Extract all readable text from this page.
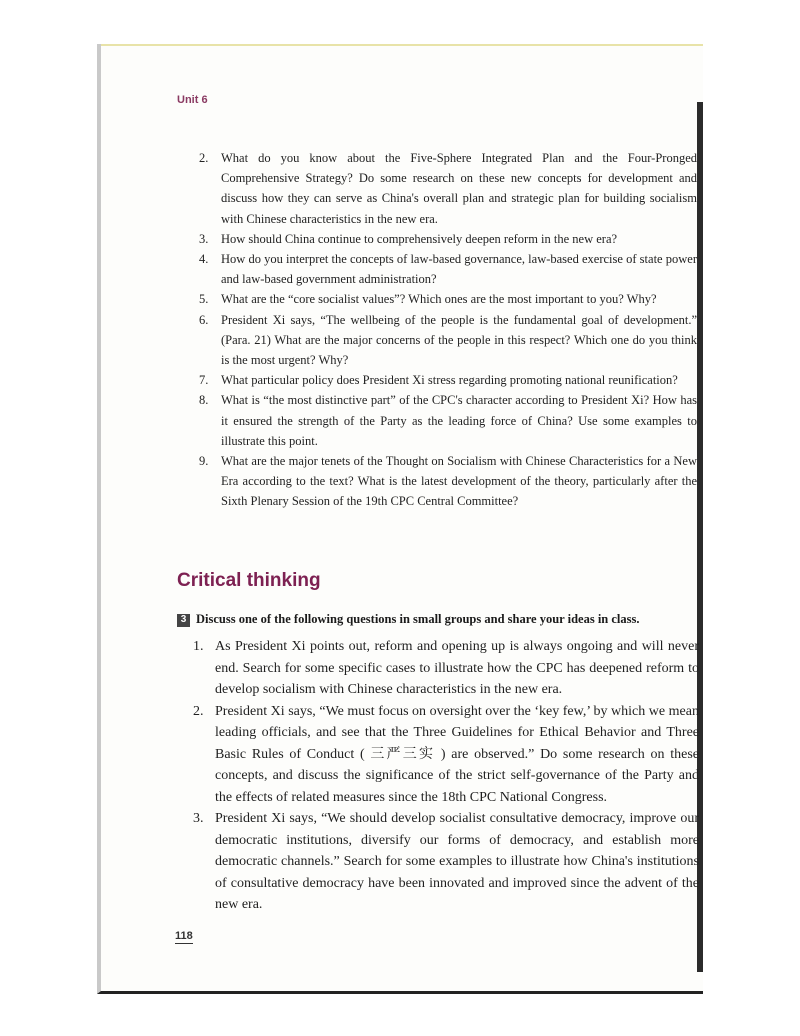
Unit 6
2. What do you know about the Five-Sphere Integrated Plan and the Four-Pronged Comprehensive Strategy? Do some research on these new concepts for development and discuss how they can serve as China's overall plan and strategic plan for building socialism with Chinese characteristics in the new era.
3. How should China continue to comprehensively deepen reform in the new era?
4. How do you interpret the concepts of law-based governance, law-based exercise of state power and law-based government administration?
5. What are the “core socialist values”? Which ones are the most important to you? Why?
6. President Xi says, “The wellbeing of the people is the fundamental goal of development.” (Para. 21) What are the major concerns of the people in this respect? Which one do you think is the most urgent? Why?
7. What particular policy does President Xi stress regarding promoting national reunification?
8. What is “the most distinctive part” of the CPC's character according to President Xi? How has it ensured the strength of the Party as the leading force of China? Use some examples to illustrate this point.
9. What are the major tenets of the Thought on Socialism with Chinese Characteristics for a New Era according to the text? What is the latest development of the theory, particularly after the Sixth Plenary Session of the 19th CPC Central Committee?
Critical thinking
3 Discuss one of the following questions in small groups and share your ideas in class.
1. As President Xi points out, reform and opening up is always ongoing and will never end. Search for some specific cases to illustrate how the CPC has deepened reform to develop socialism with Chinese characteristics in the new era.
2. President Xi says, “We must focus on oversight over the ‘key few,’ by which we mean leading officials, and see that the Three Guidelines for Ethical Behavior and Three Basic Rules of Conduct ( 三严三实 ) are observed.” Do some research on these concepts, and discuss the significance of the strict self-governance of the Party and the effects of related measures since the 18th CPC National Congress.
3. President Xi says, “We should develop socialist consultative democracy, improve our democratic institutions, diversify our forms of democracy, and establish more democratic channels.” Search for some examples to illustrate how China's institutions of consultative democracy have been innovated and improved since the advent of the new era.
118
